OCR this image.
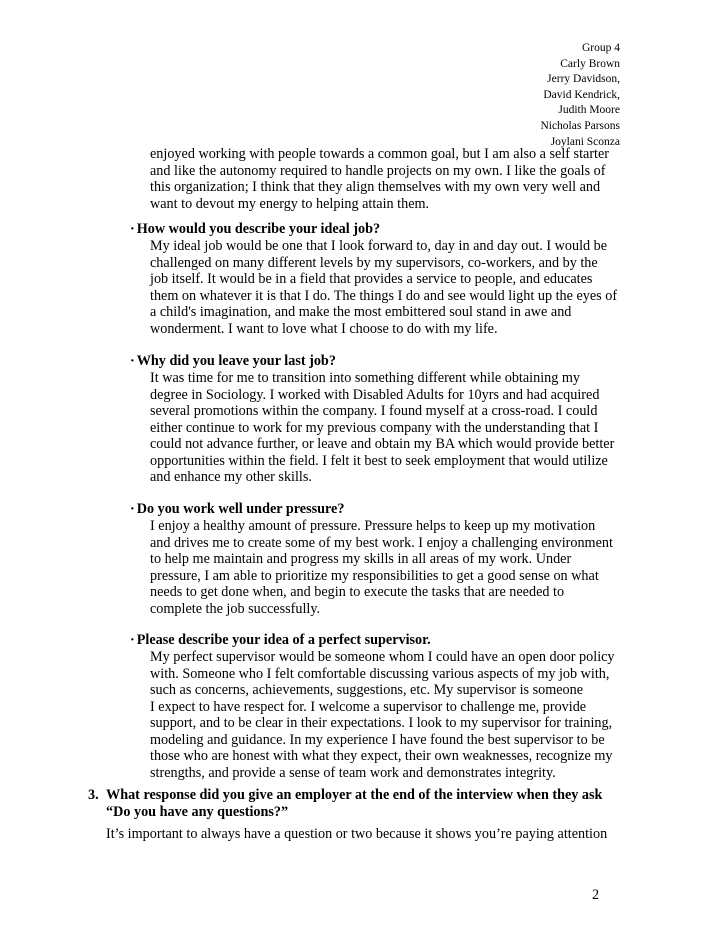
Group 4
Carly Brown
Jerry Davidson,
David Kendrick,
Judith Moore
Nicholas Parsons
Joylani Sconza
enjoyed working with people towards a common goal, but I am also a self starter
and like the autonomy required to handle projects on my own. I like the goals of
this organization; I think that they align themselves with my own very well and
want to devout my energy to helping attain them.
· How would you describe your ideal job?
My ideal job would be one that I look forward to, day in and day out. I would be
challenged on many different levels by my supervisors, co-workers, and by the
job itself. It would be in a field that provides a service to people, and educates
them on whatever it is that I do. The things I do and see would light up the eyes of
a child's imagination, and make the most embittered soul stand in awe and
wonderment. I want to love what I choose to do with my life.
· Why did you leave your last job?
It was time for me to transition into something different while obtaining my
degree in Sociology. I worked with Disabled Adults for 10yrs and had acquired
several promotions within the company. I found myself at a cross-road. I could
either continue to work for my previous company with the understanding that I
could not advance further, or leave and obtain my BA which would provide better
opportunities within the field. I felt it best to seek employment that would utilize
and enhance my other skills.
· Do you work well under pressure?
I enjoy a healthy amount of pressure. Pressure helps to keep up my motivation
and drives me to create some of my best work. I enjoy a challenging environment
to help me maintain and progress my skills in all areas of my work. Under
pressure, I am able to prioritize my responsibilities to get a good sense on what
needs to get done when, and begin to execute the tasks that are needed to
complete the job successfully.
· Please describe your idea of a perfect supervisor.
My perfect supervisor would be someone whom I could have an open door policy
with. Someone who I felt comfortable discussing various aspects of my job with,
such as concerns, achievements, suggestions, etc. My supervisor is someone
I expect to have respect for. I welcome a supervisor to challenge me, provide
support, and to be clear in their expectations. I look to my supervisor for training,
modeling and guidance. In my experience I have found the best supervisor to be
those who are honest with what they expect, their own weaknesses, recognize my
strengths, and provide a sense of team work and demonstrates integrity.
3. What response did you give an employer at the end of the interview when they ask
“Do you have any questions?”
It’s important to always have a question or two because it shows you’re paying attention
2
